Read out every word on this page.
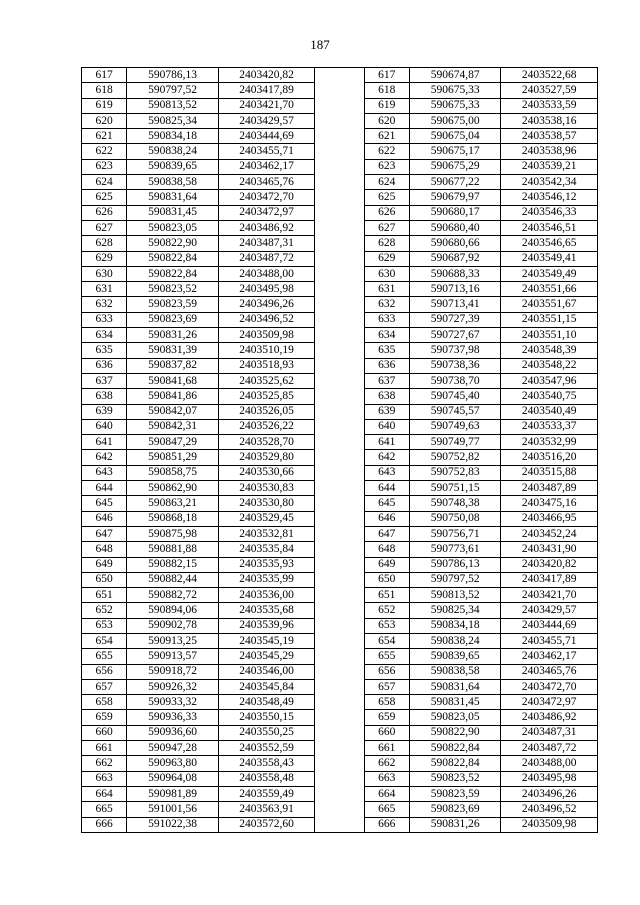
187
617	590786,13	2403420,82		617	590674,87	2403522,68
618	590797,52	2403417,89		618	590675,33	2403527,59
619	590813,52	2403421,70		619	590675,33	2403533,59
620	590825,34	2403429,57		620	590675,00	2403538,16
621	590834,18	2403444,69		621	590675,04	2403538,57
622	590838,24	2403455,71		622	590675,17	2403538,96
623	590839,65	2403462,17		623	590675,29	2403539,21
624	590838,58	2403465,76		624	590677,22	2403542,34
625	590831,64	2403472,70		625	590679,97	2403546,12
626	590831,45	2403472,97		626	590680,17	2403546,33
627	590823,05	2403486,92		627	590680,40	2403546,51
628	590822,90	2403487,31		628	590680,66	2403546,65
629	590822,84	2403487,72		629	590687,92	2403549,41
630	590822,84	2403488,00		630	590688,33	2403549,49
631	590823,52	2403495,98		631	590713,16	2403551,66
632	590823,59	2403496,26		632	590713,41	2403551,67
633	590823,69	2403496,52		633	590727,39	2403551,15
634	590831,26	2403509,98		634	590727,67	2403551,10
635	590831,39	2403510,19		635	590737,98	2403548,39
636	590837,82	2403518,93		636	590738,36	2403548,22
637	590841,68	2403525,62		637	590738,70	2403547,96
638	590841,86	2403525,85		638	590745,40	2403540,75
639	590842,07	2403526,05		639	590745,57	2403540,49
640	590842,31	2403526,22		640	590749,63	2403533,37
641	590847,29	2403528,70		641	590749,77	2403532,99
642	590851,29	2403529,80		642	590752,82	2403516,20
643	590858,75	2403530,66		643	590752,83	2403515,88
644	590862,90	2403530,83		644	590751,15	2403487,89
645	590863,21	2403530,80		645	590748,38	2403475,16
646	590868,18	2403529,45		646	590750,08	2403466,95
647	590875,98	2403532,81		647	590756,71	2403452,24
648	590881,88	2403535,84		648	590773,61	2403431,90
649	590882,15	2403535,93		649	590786,13	2403420,82
650	590882,44	2403535,99		650	590797,52	2403417,89
651	590882,72	2403536,00		651	590813,52	2403421,70
652	590894,06	2403535,68		652	590825,34	2403429,57
653	590902,78	2403539,96		653	590834,18	2403444,69
654	590913,25	2403545,19		654	590838,24	2403455,71
655	590913,57	2403545,29		655	590839,65	2403462,17
656	590918,72	2403546,00		656	590838,58	2403465,76
657	590926,32	2403545,84		657	590831,64	2403472,70
658	590933,32	2403548,49		658	590831,45	2403472,97
659	590936,33	2403550,15		659	590823,05	2403486,92
660	590936,60	2403550,25		660	590822,90	2403487,31
661	590947,28	2403552,59		661	590822,84	2403487,72
662	590963,80	2403558,43		662	590822,84	2403488,00
663	590964,08	2403558,48		663	590823,52	2403495,98
664	590981,89	2403559,49		664	590823,59	2403496,26
665	591001,56	2403563,91		665	590823,69	2403496,52
666	591022,38	2403572,60		666	590831,26	2403509,98
